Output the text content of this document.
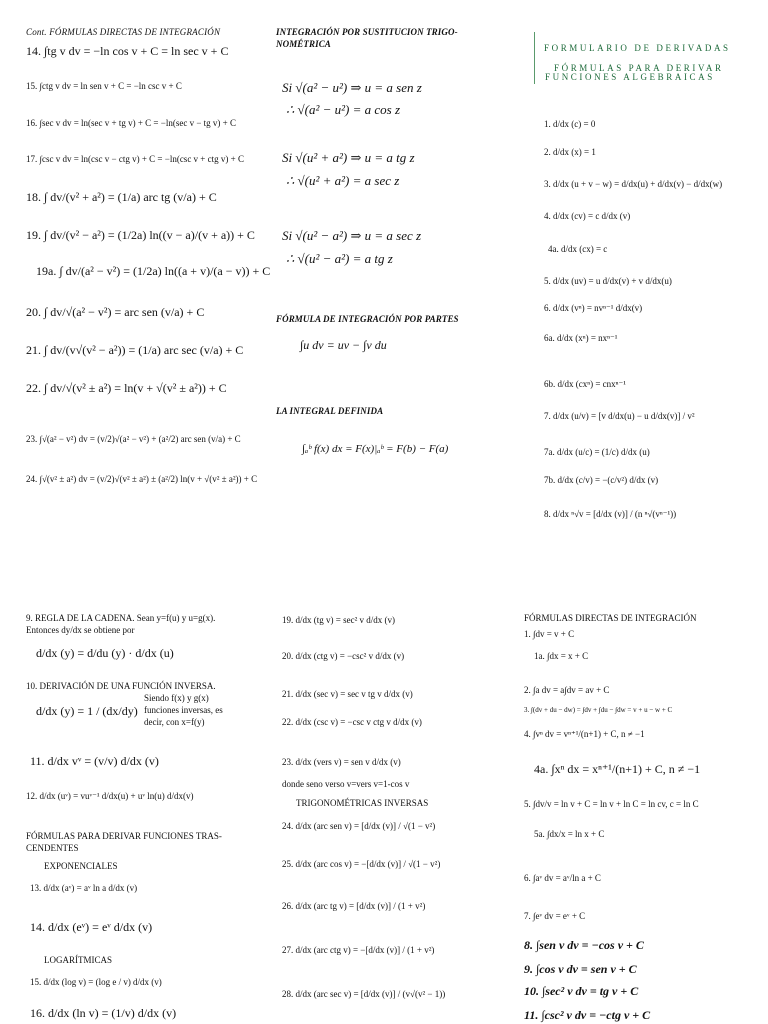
Cont. FÓRMULAS DIRECTAS DE INTEGRACIÓN
14. ∫tg v dv = −ln cos v + C = ln sec v + C
15. ∫ctg v dv = ln sen v + C = −ln csc v + C
16. ∫sec v dv = ln(sec v + tg v) + C = −ln(sec v − tg v) + C
17. ∫csc v dv = ln(csc v − ctg v) + C = −ln(csc v + ctg v) + C
18. ∫ dv/(v² + a²) = (1/a) arc tg (v/a) + C
19. ∫ dv/(v² − a²) = (1/2a) ln((v − a)/(v + a)) + C
19a. ∫ dv/(a² − v²) = (1/2a) ln((a + v)/(a − v)) + C
20. ∫ dv/√(a² − v²) = arc sen (v/a) + C
21. ∫ dv/(v√(v² − a²)) = (1/a) arc sec (v/a) + C
22. ∫ dv/√(v² ± a²) = ln(v + √(v² ± a²)) + C
23. ∫√(a² − v²) dv = (v/2)√(a² − v²) + (a²/2) arc sen (v/a) + C
24. ∫√(v² ± a²) dv = (v/2)√(v² ± a²) ± (a²/2) ln(v + √(v² ± a²)) + C
INTEGRACIÓN POR SUSTITUCION TRIGO-
NOMÉTRICA
Si √(a² − u²) ⇒ u = a sen z
∴ √(a² − u²) = a cos z
Si √(u² + a²) ⇒ u = a tg z
∴ √(u² + a²) = a sec z
Si √(u² − a²) ⇒ u = a sec z
∴ √(u² − a²) = a tg z
FÓRMULA DE INTEGRACIÓN POR PARTES
∫u dv = uv − ∫v du
LA INTEGRAL DEFINIDA
∫ₐᵇ f(x) dx = F(x)|ₐᵇ = F(b) − F(a)
FORMULARIO DE DERIVADAS
FÓRMULAS PARA DERIVAR
FUNCIONES ALGEBRAICAS
1. d/dx (c) = 0
2. d/dx (x) = 1
3. d/dx (u + v − w) = d/dx(u) + d/dx(v) − d/dx(w)
4. d/dx (cv) = c d/dx (v)
4a. d/dx (cx) = c
5. d/dx (uv) = u d/dx(v) + v d/dx(u)
6. d/dx (vⁿ) = nvⁿ⁻¹ d/dx(v)
6a. d/dx (xⁿ) = nxⁿ⁻¹
6b. d/dx (cxⁿ) = cnxⁿ⁻¹
7. d/dx (u/v) = [v d/dx(u) − u d/dx(v)] / v²
7a. d/dx (u/c) = (1/c) d/dx (u)
7b. d/dx (c/v) = −(c/v²) d/dx (v)
8. d/dx ⁿ√v = [d/dx (v)] / (n ⁿ√(vⁿ⁻¹))
9. REGLA DE LA CADENA. Sean y=f(u) y u=g(x).
Entonces dy/dx se obtiene por
d/dx (y) = d/du (y) · d/dx (u)
10. DERIVACIÓN DE UNA FUNCIÓN INVERSA.
d/dx (y) = 1 / (dx/dy)
Siendo f(x) y g(x)
funciones inversas, es
decir, con x=f(y)
11. d/dx vᵛ = (v/v) d/dx (v)
12. d/dx (uᵛ) = vuᵛ⁻¹ d/dx(u) + uᵛ ln(u) d/dx(v)
FÓRMULAS PARA DERIVAR FUNCIONES TRAS-
CENDENTES
EXPONENCIALES
13. d/dx (aᵛ) = aᵛ ln a d/dx (v)
14. d/dx (eᵛ) = eᵛ d/dx (v)
LOGARÍTMICAS
15. d/dx (log v) = (log e / v) d/dx (v)
16. d/dx (ln v) = (1/v) d/dx (v)
19. d/dx (tg v) = sec² v d/dx (v)
20. d/dx (ctg v) = −csc² v d/dx (v)
21. d/dx (sec v) = sec v tg v d/dx (v)
22. d/dx (csc v) = −csc v ctg v d/dx (v)
23. d/dx (vers v) = sen v d/dx (v)
donde seno verso v=vers v=1-cos v
TRIGONOMÉTRICAS INVERSAS
24. d/dx (arc sen v) = [d/dx (v)] / √(1 − v²)
25. d/dx (arc cos v) = −[d/dx (v)] / √(1 − v²)
26. d/dx (arc tg v) = [d/dx (v)] / (1 + v²)
27. d/dx (arc ctg v) = −[d/dx (v)] / (1 + v²)
28. d/dx (arc sec v) = [d/dx (v)] / (v√(v² − 1))
FÓRMULAS DIRECTAS DE INTEGRACIÓN
1. ∫dv = v + C
1a. ∫dx = x + C
2. ∫a dv = a∫dv = av + C
3. ∫(dv + du − dw) = ∫dv + ∫du − ∫dw = v + u − w + C
4. ∫vⁿ dv = vⁿ⁺¹/(n+1) + C, n ≠ −1
4a. ∫xⁿ dx = xⁿ⁺¹/(n+1) + C, n ≠ −1
5. ∫dv/v = ln v + C = ln v + ln C = ln cv, c = ln C
5a. ∫dx/x = ln x + C
6. ∫aᵛ dv = aᵛ/ln a + C
7. ∫eᵛ dv = eᵛ + C
8. ∫sen v dv = −cos v + C
9. ∫cos v dv = sen v + C
10. ∫sec² v dv = tg v + C
11. ∫csc² v dv = −ctg v + C
